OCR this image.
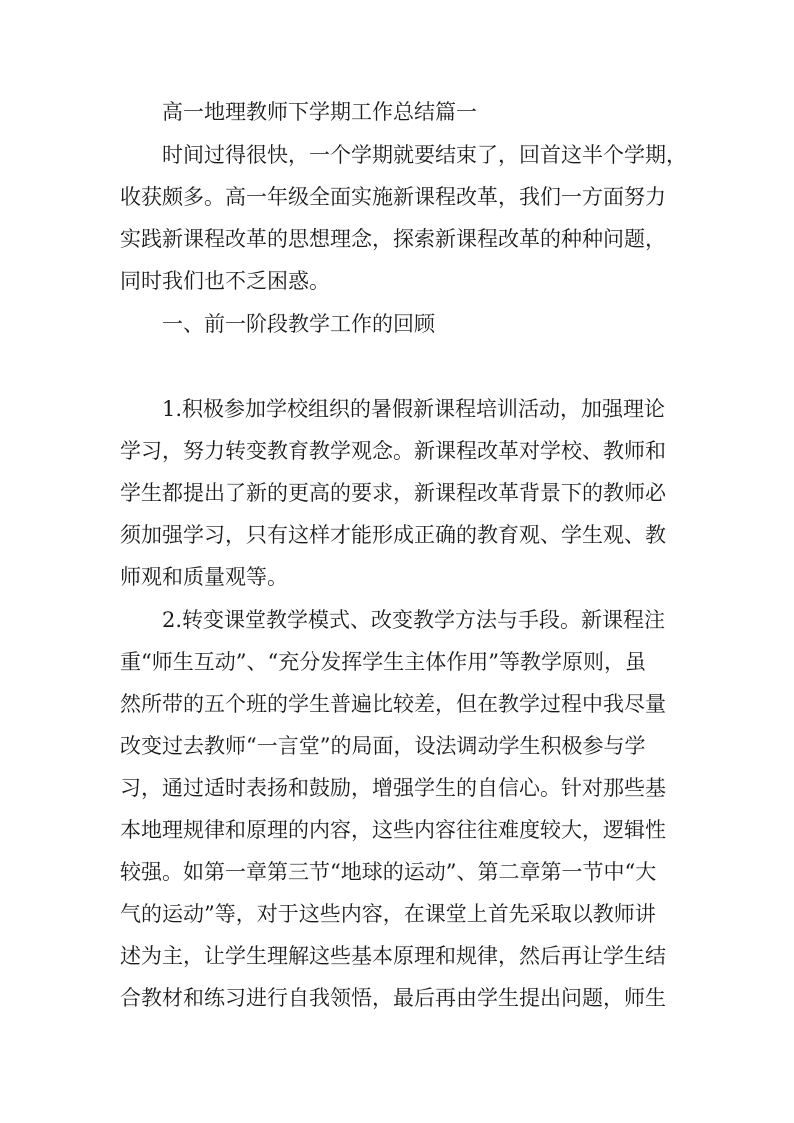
高一地理教师下学期工作总结篇一
时间过得很快，一个学期就要结束了，回首这半个学期，
收获颇多。高一年级全面实施新课程改革，我们一方面努力
实践新课程改革的思想理念，探索新课程改革的种种问题，
同时我们也不乏困惑。
一、前一阶段教学工作的回顾
1.积极参加学校组织的暑假新课程培训活动，加强理论
学习，努力转变教育教学观念。新课程改革对学校、教师和
学生都提出了新的更高的要求，新课程改革背景下的教师必
须加强学习，只有这样才能形成正确的教育观、学生观、教
师观和质量观等。
2.转变课堂教学模式、改变教学方法与手段。新课程注
重“师生互动”、“充分发挥学生主体作用”等教学原则，虽
然所带的五个班的学生普遍比较差，但在教学过程中我尽量
改变过去教师“一言堂”的局面，设法调动学生积极参与学
习，通过适时表扬和鼓励，增强学生的自信心。针对那些基
本地理规律和原理的内容，这些内容往往难度较大，逻辑性
较强。如第一章第三节“地球的运动”、第二章第一节中“大
气的运动”等，对于这些内容，在课堂上首先采取以教师讲
述为主，让学生理解这些基本原理和规律，然后再让学生结
合教材和练习进行自我领悟，最后再由学生提出问题，师生
